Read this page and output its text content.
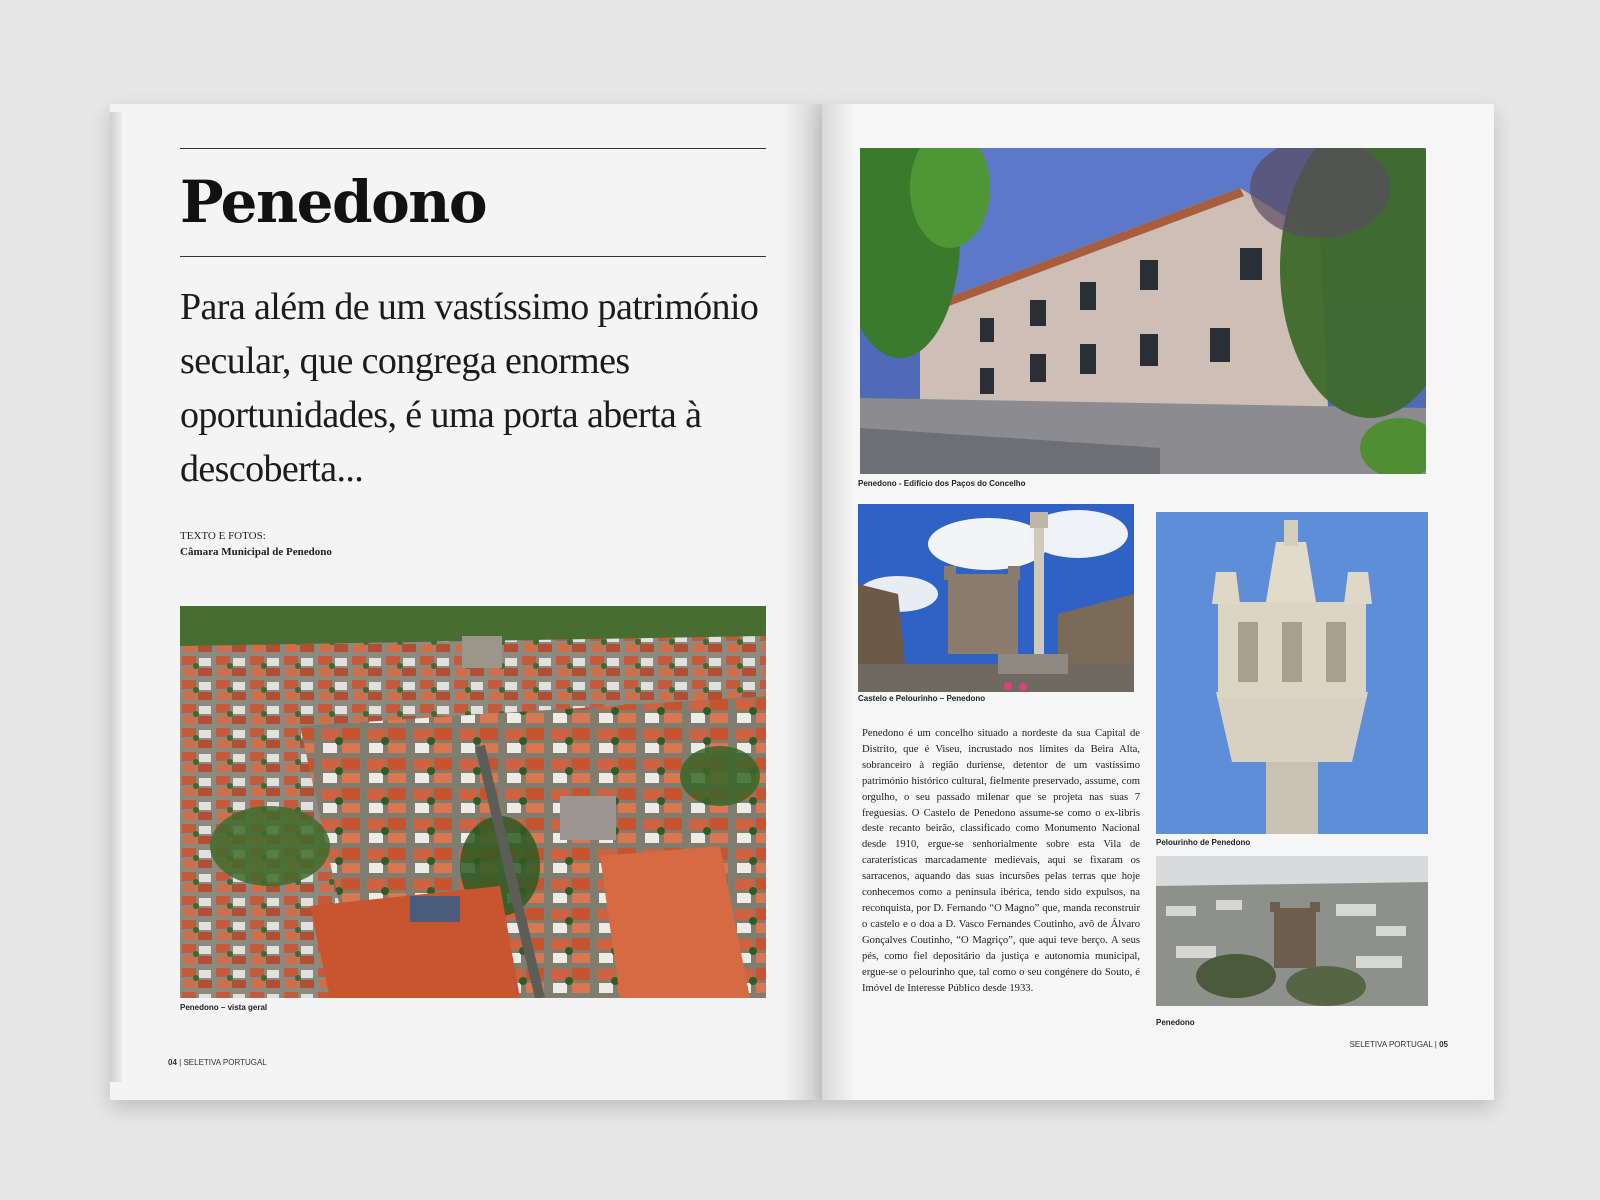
Penedono

Para além de um vastíssimo património secular, que congrega enormes oportunidades, é uma porta aberta à descoberta...

TEXTO E FOTOS:
Câmara Municipal de Penedono
Penedono – vista geral
04 | SELETIVA PORTUGAL
Penedono - Edifício dos Paços do Concelho
Castelo e Pelourinho – Penedono
Pelourinho de Penedono

Penedono é um concelho situado a nordeste da sua Capital de Distrito, que é Viseu, incrustado nos limites da Beira Alta, sobranceiro à região duriense, detentor de um vastíssimo património histórico cultural, fielmente preservado, assume, com orgulho, o seu passado milenar que se projeta nas suas 7 freguesias. O Castelo de Penedono assume-se como o ex-libris deste recanto beirão, classificado como Monumento Nacional desde 1910, ergue-se senhorialmente sobre esta Vila de caraterísticas marcadamente medievais, aqui se fixaram os sarracenos, aquando das suas incursões pelas terras que hoje conhecemos como a península ibérica, tendo sido expulsos, na reconquista, por D. Fernando “O Magno” que, manda reconstruir o castelo e o doa a D. Vasco Fernandes Coutinho, avô de Álvaro Gonçalves Coutinho, “O Magriço”, que aqui teve berço. A seus pés, como fiel depositário da justiça e autonomia municipal, ergue-se o pelourinho que, tal como o seu congénere do Souto, é Imóvel de Interesse Público desde 1933.

Penedono
SELETIVA PORTUGAL | 05
